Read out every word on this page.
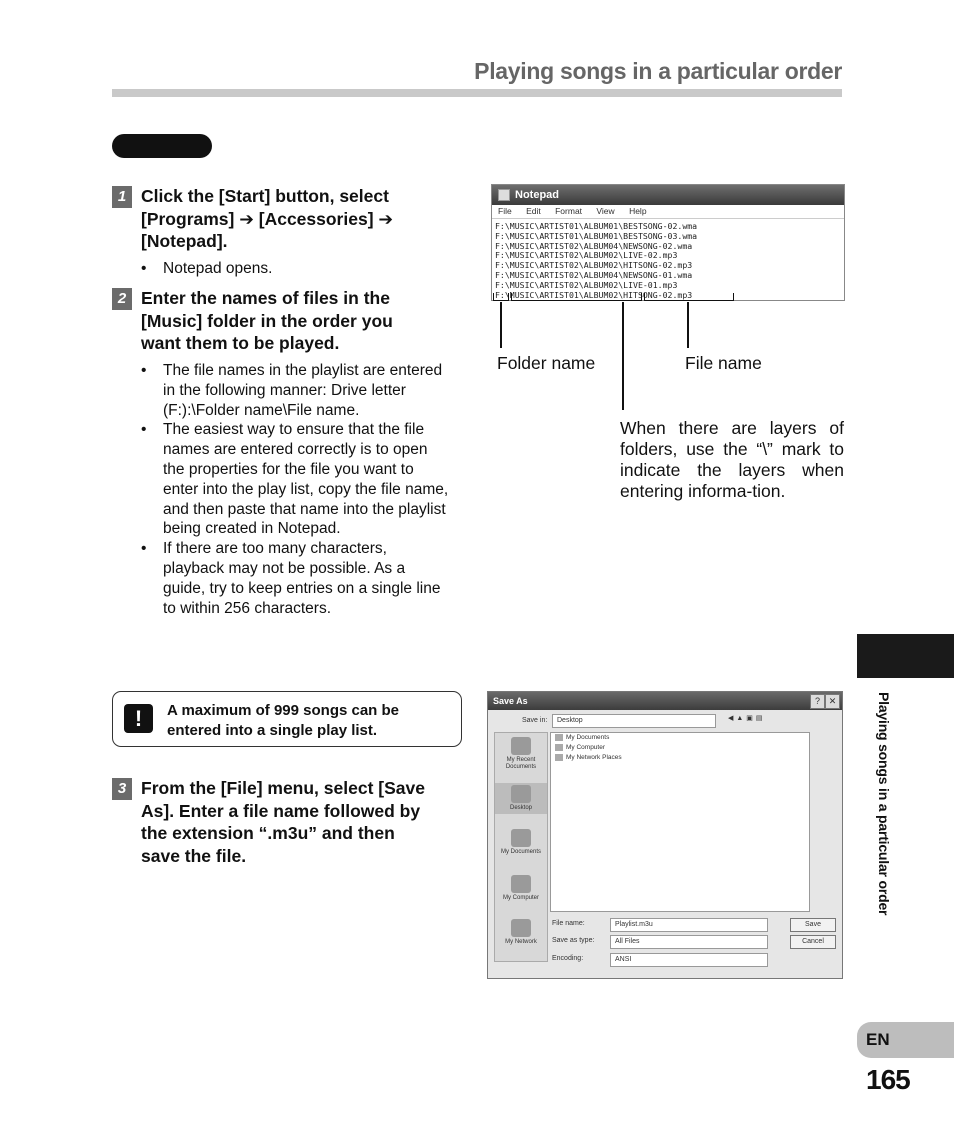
Playing songs in a particular order
1 Click the [Start] button, select
[Programs] ➔ [Accessories] ➔
[Notepad].
• Notepad opens.
2 Enter the names of files in the
[Music] folder in the order you
want them to be played.
• The file names in the playlist are entered in the following manner: Drive letter (F:):\Folder name\File name.
• The easiest way to ensure that the file names are entered correctly is to open the properties for the file you want to enter into the play list, copy the file name, and then paste that name into the playlist being created in Notepad.
• If there are too many characters, playback may not be possible. As a guide, try to keep entries on a single line to within 256 characters.
Notepad
File Edit Format View Help
F:\MUSIC\ARTIST01\ALBUM01\BESTSONG-02.wma
F:\MUSIC\ARTIST01\ALBUM01\BESTSONG-03.wma
F:\MUSIC\ARTIST02\ALBUM04\NEWSONG-02.wma
F:\MUSIC\ARTIST02\ALBUM02\LIVE-02.mp3
F:\MUSIC\ARTIST02\ALBUM02\HITSONG-02.mp3
F:\MUSIC\ARTIST02\ALBUM04\NEWSONG-01.wma
F:\MUSIC\ARTIST02\ALBUM02\LIVE-01.mp3
F:\MUSIC\ARTIST01\ALBUM02\HITSONG-02.mp3
Folder name	File name
When there are layers of folders, use the “\” mark to indicate the layers when entering informa-tion.
!	A maximum of 999 songs can be
entered into a single play list.
3 From the [File] menu, select [Save
As]. Enter a file name followed by
the extension “.m3u” and then
save the file.
Save As	? ✕
Save in:	Desktop	◀▲▣▤
My Recent Documents
Desktop
My Documents
My Computer
My Network
My Documents
My Computer
My Network Places
File name:	Playlist.m3u
Save as type:	All Files
Encoding:	ANSI
Save
Cancel
Playing songs in a particular order
EN
165
